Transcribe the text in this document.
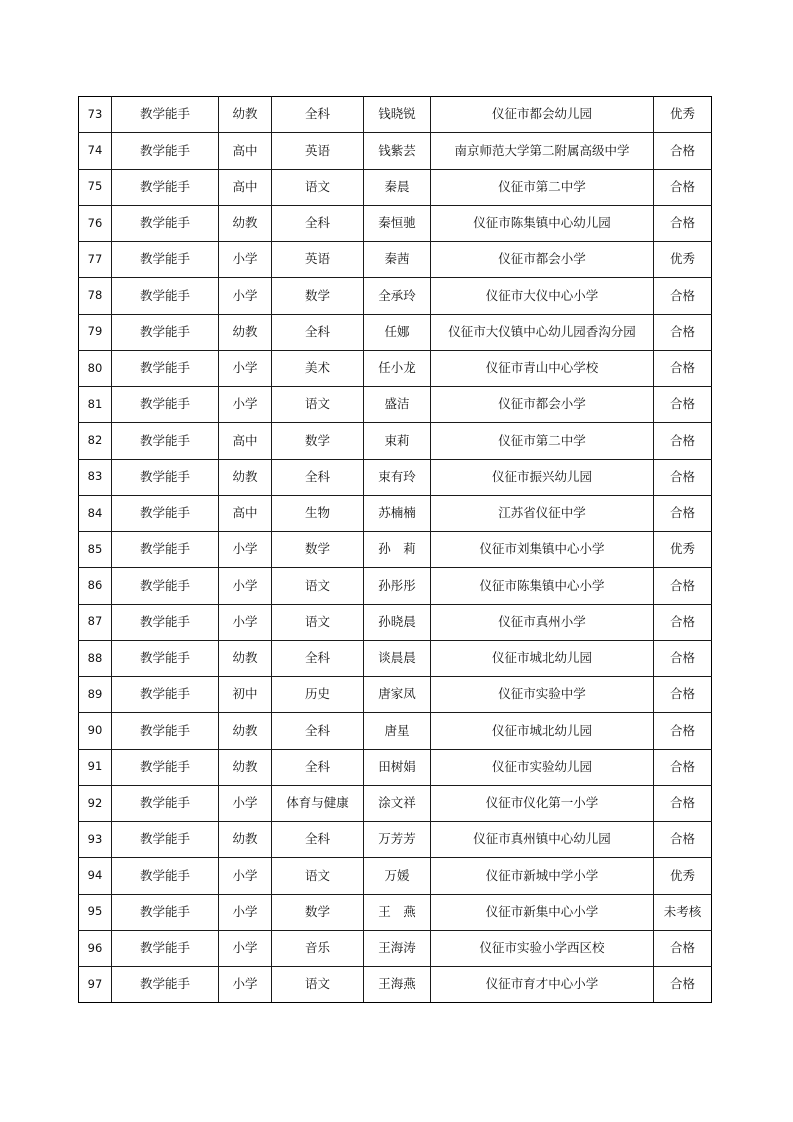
73	教学能手	幼教	全科	钱晓锐	仪征市都会幼儿园	优秀
74	教学能手	高中	英语	钱紫芸	南京师范大学第二附属高级中学	合格
75	教学能手	高中	语文	秦晨	仪征市第二中学	合格
76	教学能手	幼教	全科	秦恒驰	仪征市陈集镇中心幼儿园	合格
77	教学能手	小学	英语	秦茜	仪征市都会小学	优秀
78	教学能手	小学	数学	全承玲	仪征市大仪中心小学	合格
79	教学能手	幼教	全科	任娜	仪征市大仪镇中心幼儿园香沟分园	合格
80	教学能手	小学	美术	任小龙	仪征市青山中心学校	合格
81	教学能手	小学	语文	盛洁	仪征市都会小学	合格
82	教学能手	高中	数学	束莉	仪征市第二中学	合格
83	教学能手	幼教	全科	束有玲	仪征市振兴幼儿园	合格
84	教学能手	高中	生物	苏楠楠	江苏省仪征中学	合格
85	教学能手	小学	数学	孙　莉	仪征市刘集镇中心小学	优秀
86	教学能手	小学	语文	孙彤彤	仪征市陈集镇中心小学	合格
87	教学能手	小学	语文	孙晓晨	仪征市真州小学	合格
88	教学能手	幼教	全科	谈晨晨	仪征市城北幼儿园	合格
89	教学能手	初中	历史	唐家凤	仪征市实验中学	合格
90	教学能手	幼教	全科	唐星	仪征市城北幼儿园	合格
91	教学能手	幼教	全科	田树娟	仪征市实验幼儿园	合格
92	教学能手	小学	体育与健康	涂文祥	仪征市仪化第一小学	合格
93	教学能手	幼教	全科	万芳芳	仪征市真州镇中心幼儿园	合格
94	教学能手	小学	语文	万媛	仪征市新城中学小学	优秀
95	教学能手	小学	数学	王　燕	仪征市新集中心小学	未考核
96	教学能手	小学	音乐	王海涛	仪征市实验小学西区校	合格
97	教学能手	小学	语文	王海燕	仪征市育才中心小学	合格
